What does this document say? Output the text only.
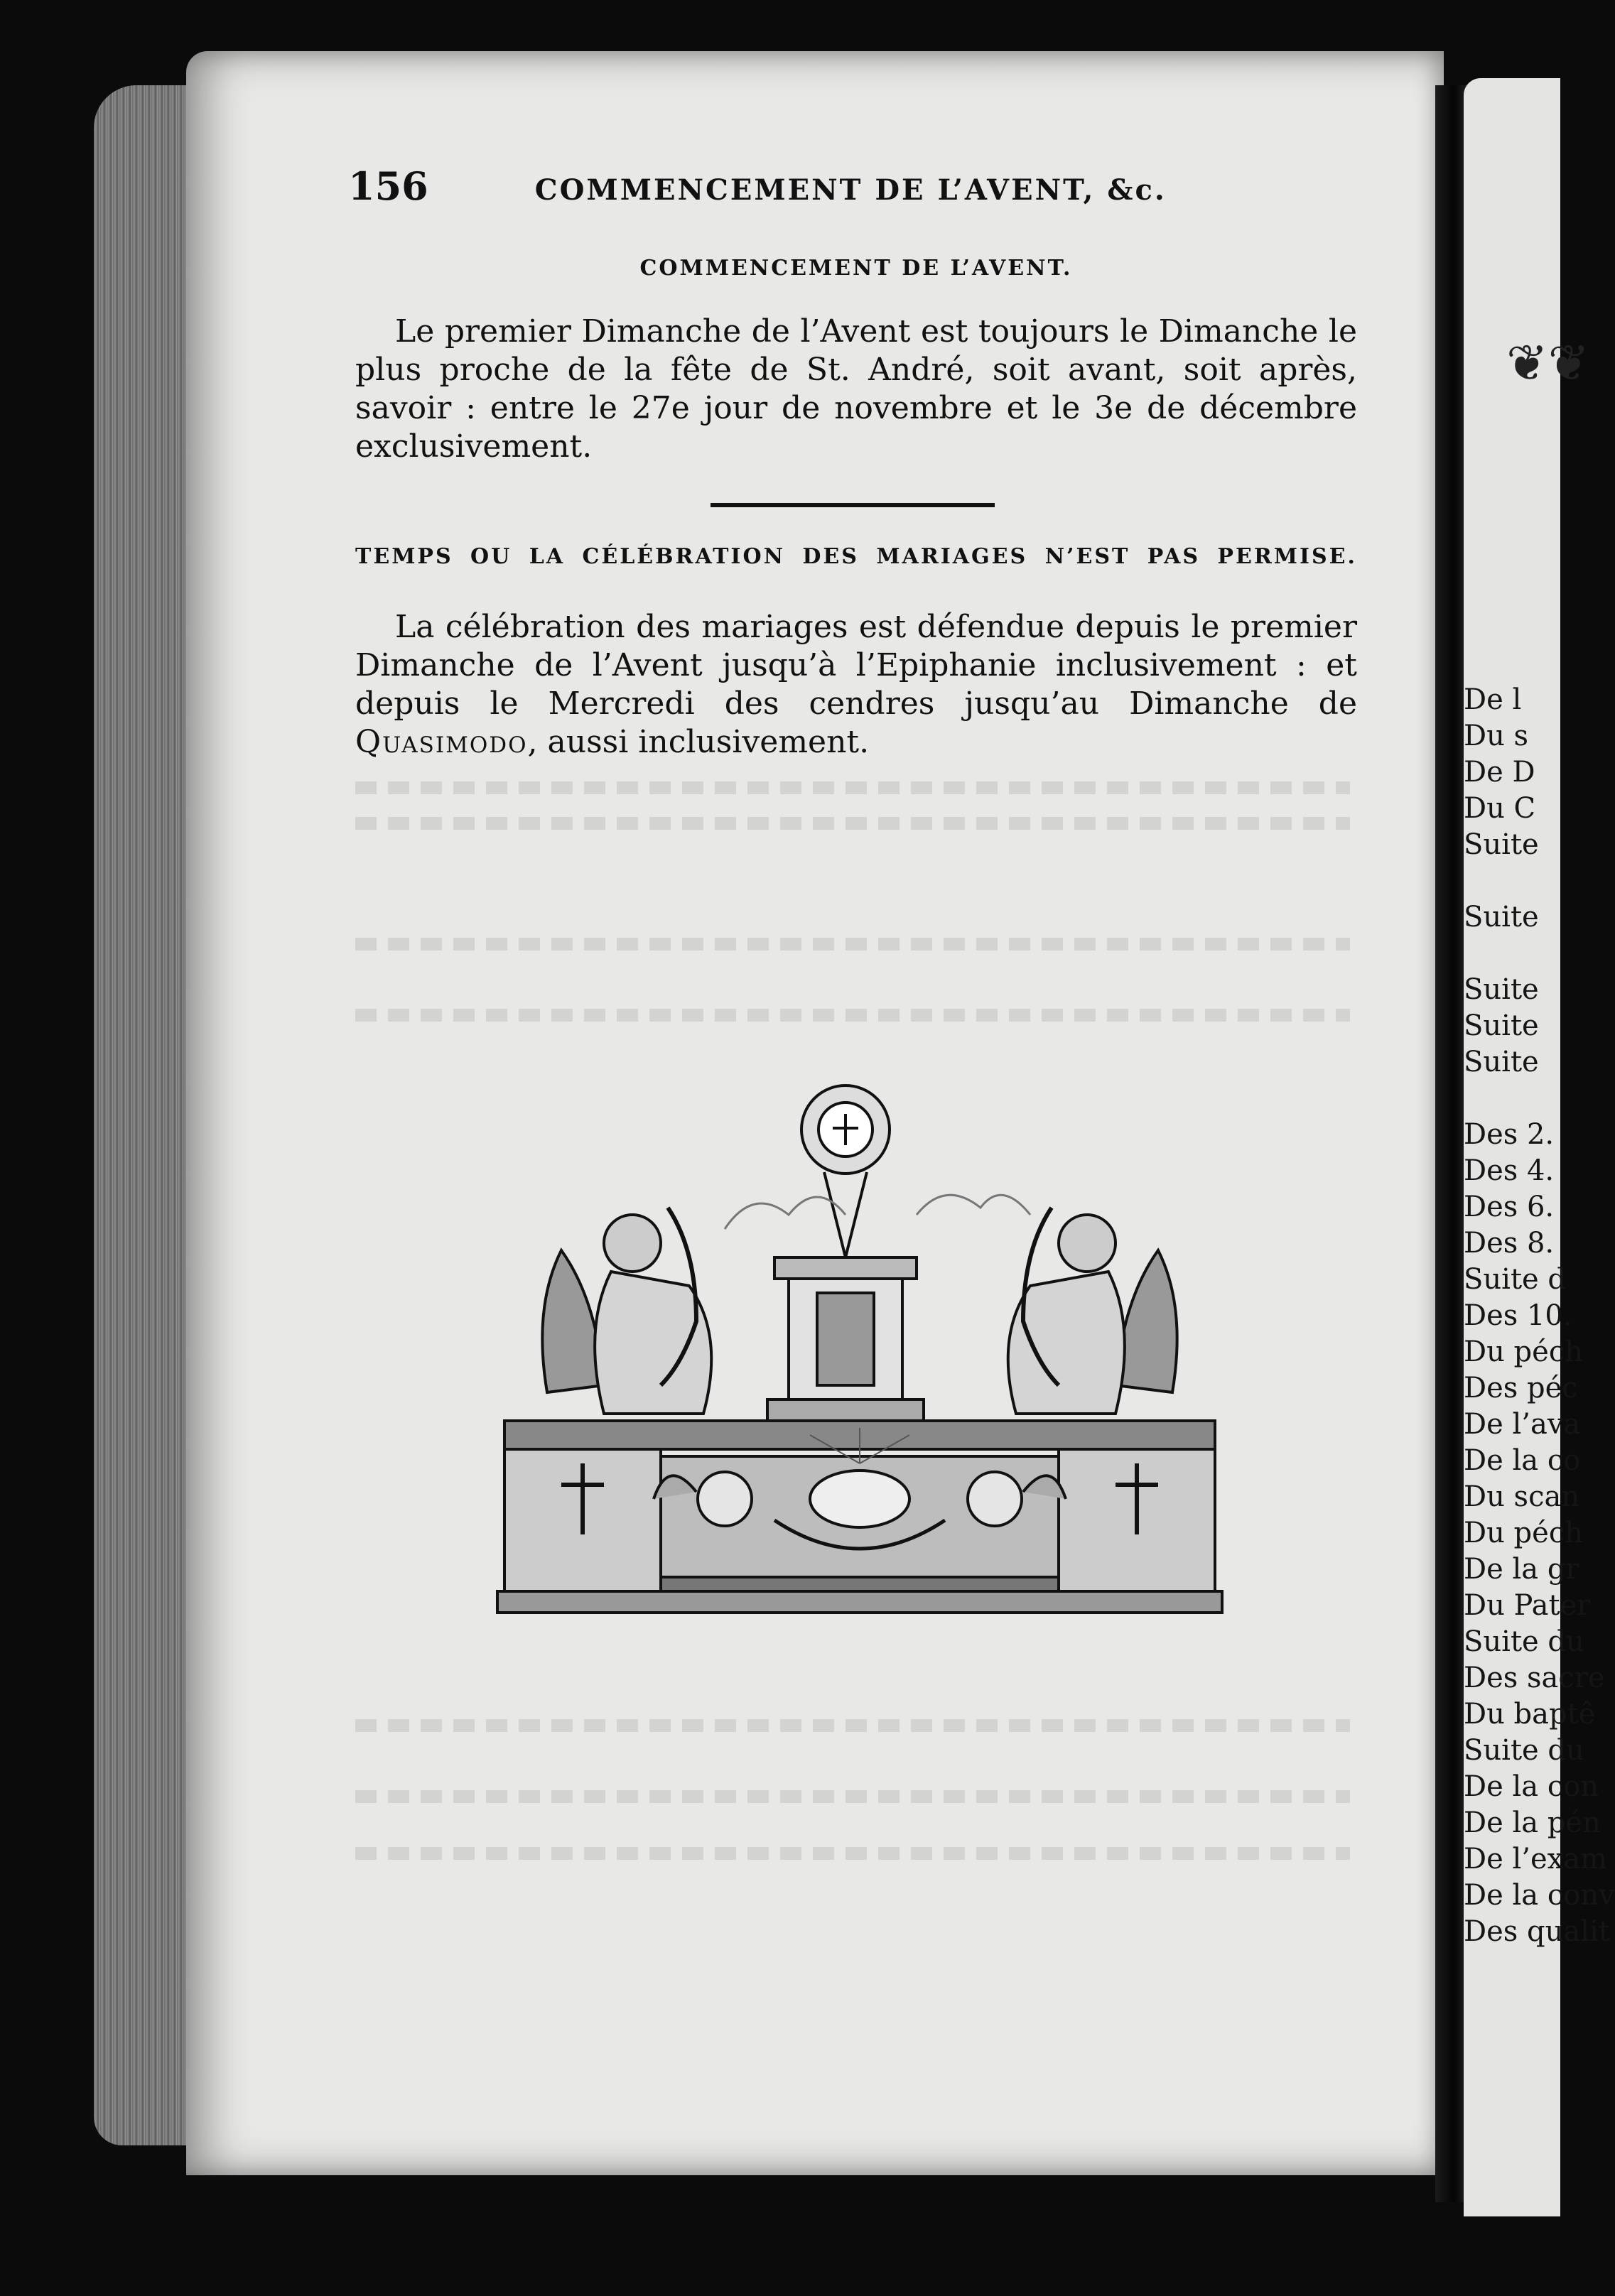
❦❦
De l
Du s
De D
Du C
Suite

Suite

Suite
Suite
Suite

Des 2.
Des 4.
Des 6.
Des 8.
Suite d
Des 10.
Du péch
Des péc
De l’ava
De la co
Du scan
Du péch
De la gr
Du Pater
Suite du
Des sacre
Du baptê
Suite du
De la con
De la pén
De l’exam
De la conv
Des qualit
156	COMMENCEMENT DE L’AVENT, &c.
COMMENCEMENT DE L’AVENT.

Le premier Dimanche de l’Avent est toujours le Dimanche le plus proche de la fête de St. André, soit avant, soit après, savoir : entre le 27e jour de novembre et le 3e de décembre exclusivement.

TEMPS OU LA CÉLÉBRATION DES MARIAGES N’EST PAS PERMISE.

La célébration des mariages est défendue depuis le premier Dimanche de l’Avent jusqu’à l’Epiphanie inclusivement : et depuis le Mercredi des cendres jusqu’au Dimanche de Quasimodo, aussi inclusivement.
